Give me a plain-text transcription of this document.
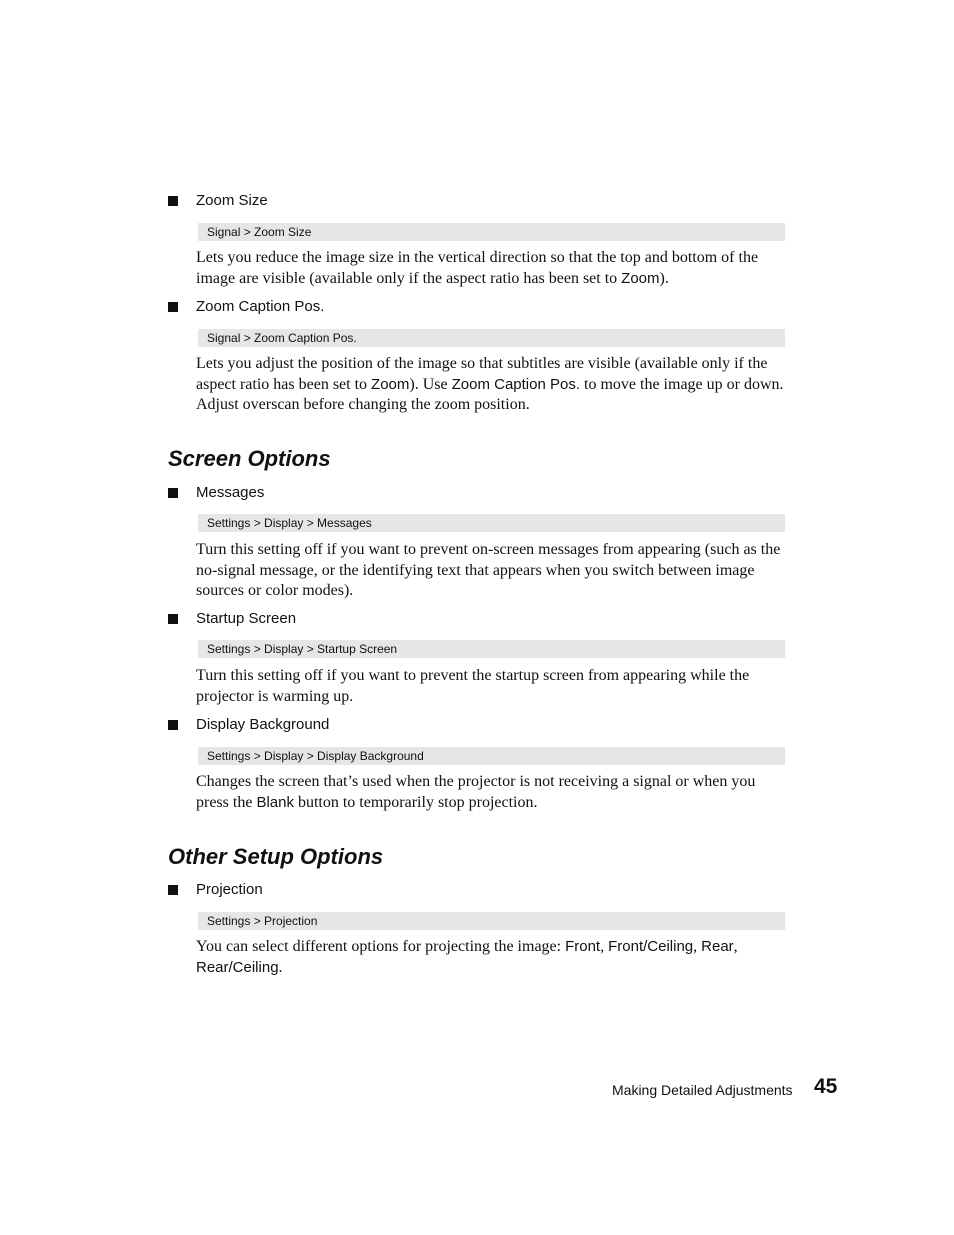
Zoom Size
Signal > Zoom Size
Lets you reduce the image size in the vertical direction so that the top and bottom of the image are visible (available only if the aspect ratio has been set to Zoom).
Zoom Caption Pos.
Signal > Zoom Caption Pos.
Lets you adjust the position of the image so that subtitles are visible (available only if the aspect ratio has been set to Zoom). Use Zoom Caption Pos. to move the image up or down. Adjust overscan before changing the zoom position.
Screen Options
Messages
Settings > Display > Messages
Turn this setting off if you want to prevent on-screen messages from appearing (such as the no-signal message, or the identifying text that appears when you switch between image sources or color modes).
Startup Screen
Settings > Display > Startup Screen
Turn this setting off if you want to prevent the startup screen from appearing while the projector is warming up.
Display Background
Settings > Display > Display Background
Changes the screen that’s used when the projector is not receiving a signal or when you press the Blank button to temporarily stop projection.
Other Setup Options
Projection
Settings > Projection
You can select different options for projecting the image: Front, Front/Ceiling, Rear, Rear/Ceiling.
Making Detailed Adjustments 45
